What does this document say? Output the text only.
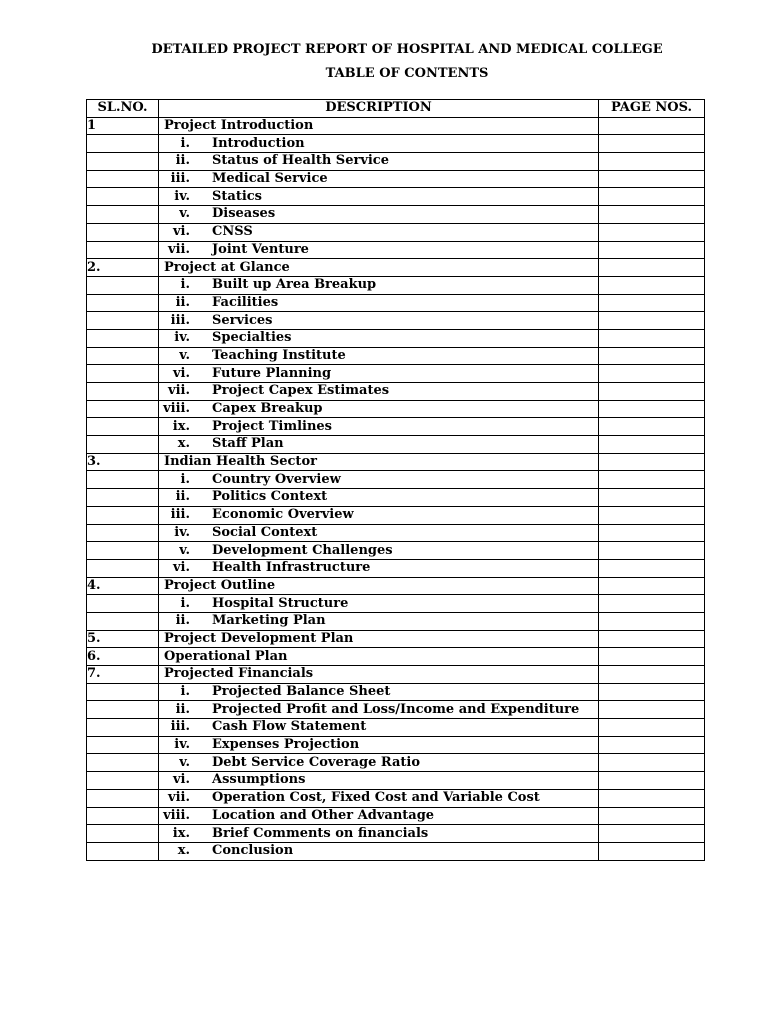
DETAILED PROJECT REPORT OF HOSPITAL AND MEDICAL COLLEGE
TABLE OF CONTENTS
SL.NO.	DESCRIPTION	PAGE NOS.
1	Project Introduction	
	i. Introduction	
	ii. Status of Health Service	
	iii. Medical Service	
	iv. Statics	
	v. Diseases	
	vi. CNSS	
	vii. Joint Venture	
2.	Project at Glance	
	i. Built up Area Breakup	
	ii. Facilities	
	iii. Services	
	iv. Specialties	
	v. Teaching Institute	
	vi. Future Planning	
	vii. Project Capex Estimates	
	viii. Capex Breakup	
	ix. Project Timlines	
	x. Staff Plan	
3.	Indian Health Sector	
	i. Country Overview	
	ii. Politics Context	
	iii. Economic Overview	
	iv. Social Context	
	v. Development Challenges	
	vi. Health Infrastructure	
4.	Project Outline	
	i. Hospital Structure	
	ii. Marketing Plan	
5.	Project Development Plan	
6.	Operational Plan	
7.	Projected Financials	
	i. Projected Balance Sheet	
	ii. Projected Profit and Loss/Income and Expenditure	
	iii. Cash Flow Statement	
	iv. Expenses Projection	
	v. Debt Service Coverage Ratio	
	vi. Assumptions	
	vii. Operation Cost, Fixed Cost and Variable Cost	
	viii. Location and Other Advantage	
	ix. Brief Comments on financials	
	x. Conclusion	
